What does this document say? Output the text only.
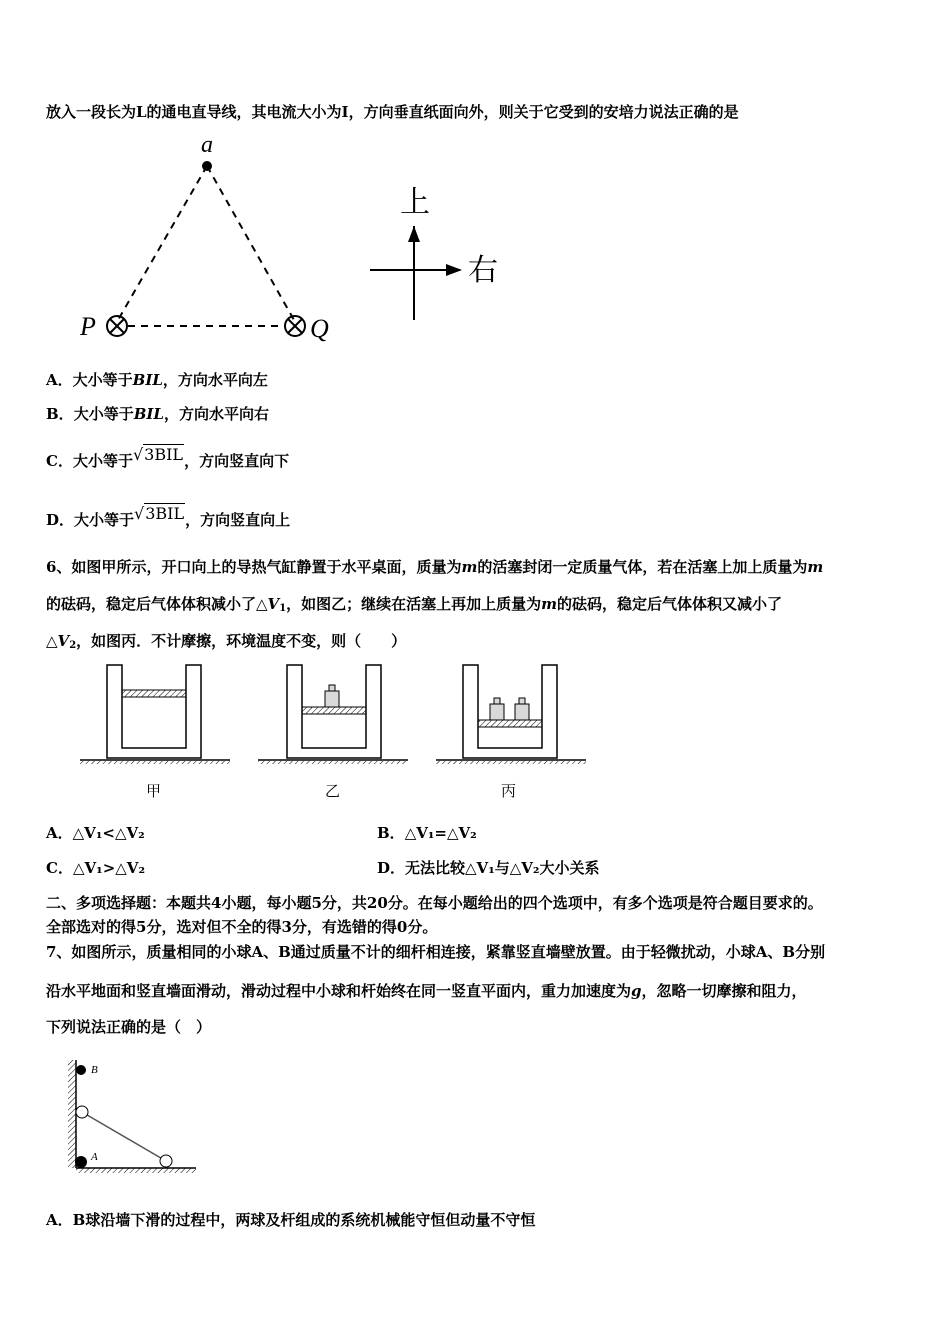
放入一段长为L的通电直导线，其电流大小为I，方向垂直纸面向外，则关于它受到的安培力说法正确的是
a
P	Q
上
右
A．大小等于BIL，方向水平向左
B．大小等于BIL，方向水平向右
C．大小等于√3BIL，方向竖直向下
D．大小等于√3BIL，方向竖直向上
6、如图甲所示，开口向上的导热气缸静置于水平桌面，质量为m的活塞封闭一定质量气体，若在活塞上加上质量为m
的砝码，稳定后气体体积减小了$\triangle V_1$，如图乙；继续在活塞上再加上质量为m的砝码，稳定后气体体积又减小了
$\triangle V_2$，如图丙．不计摩擦，环境温度不变，则（　　）
甲	乙	丙
A．△V₁<△V₂	B．△V₁=△V₂
C．△V₁>△V₂	D．无法比较△V₁与△V₂大小关系
二、多项选择题：本题共4小题，每小题5分，共20分。在每小题给出的四个选项中，有多个选项是符合题目要求的。
全部选对的得5分，选对但不全的得3分，有选错的得0分。
7、如图所示，质量相同的小球A、B通过质量不计的细杆相连接，紧靠竖直墙壁放置。由于轻微扰动，小球A、B分别
沿水平地面和竖直墙面滑动，滑动过程中小球和杆始终在同一竖直平面内，重力加速度为g，忽略一切摩擦和阻力，
下列说法正确的是（　）
B
A
A．B球沿墙下滑的过程中，两球及杆组成的系统机械能守恒但动量不守恒
